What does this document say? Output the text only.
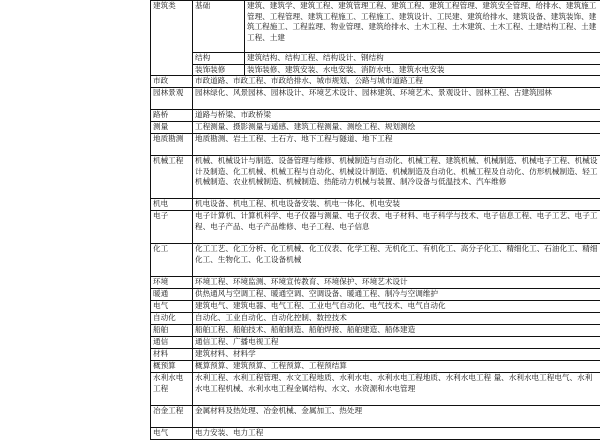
建筑类	基础	建筑、建筑学、建筑工程、建筑管理工程、建筑工程、建筑工程管理、建筑安全管理、给排水、建筑施工管理、工程管理、建筑工程施工、工程施工、建筑设计、工民建、建筑给排水、建筑设备、建筑装饰、建筑工程施工、工程监理、物业管理、建筑给排水、土木工程、土木建筑、土木工程、土建结构工程、土建工程、土建
	结构	建筑结构、结构工程、结构设计、钢结构
	装饰装修	装饰装修、建筑安装、水电安装、消防水电、建筑水电安装
市政	市政道路、市政工程、市政给排水、城市规划、公路与城市道路工程	
园林景观	园林绿化、风景园林、园林设计、环境艺术设计、园林建筑、环境艺术、景观设计、园林工程、古建筑园林	
路桥	道路与桥梁、市政桥梁	
测量	工程测量、摄影测量与遥感、建筑工程测量、测绘工程、规划测绘	
地质勘测	地质勘测、岩土工程、土石方、地下工程与隧道、地下工程	
机械工程	机械、机械设计与制造、设备管理与维修、机械制造与自动化、机械工程、建筑机械、机械制造、机械电子工程、机械设计及制造、化工机械、机械工程与自动化、机械设计制造、机械制造及自动化、机械工程及自动化、仿形机械制造、轻工机械制造、农业机械制造、机械制造、热能动力机械与装置、制冷设备与低温技术、汽车维修	
机电	机电设备、机电工程、机电设备安装、机电一体化、机电安装	
电子	电子计算机、计算机科学、电子仪器与测量、电子仪表、电子材料、电子科学与技术、电子信息工程、电子工艺、电子工程、电子产品、电子产品维修、电子工程、电子信息	
化工	化工工艺、化工分析、化工机械、化工仪表、化学工程、无机化工、有机化工、高分子化工、精细化工、石油化工、精细化工、生物化工、化工设备机械	
环境	环境工程、环境监测、环境宣传教育、环境保护、环境艺术设计	
暖通	供热通风与空调工程、暖通空调、空调设备、暖通工程、制冷与空调维护	
电气	建筑电气、建筑电器、电气工程、工业电气自动化、电气技术、电气自动化	
自动化	自动化、工业自动化、自动化控制、数控技术	
船舶	船舶工程、船舶技术、船舶制造、船舶焊接、船舶建造、船体建造	
通信	通信工程、广播电视工程	
材料	建筑材料、材料学	
概预算	概算预算、建筑预算、工程预算、工程预结算	
水利水电工程	水利工程、水利工程管理、水文工程地质、水利水电、水利水电工程地质、水利水电工程 量、水利水电工程电气、水利水电工程机械、水利水电工程金属结构、水文、水资源和水电管理	
冶金工程	金属材料及热处理、冶金机械、金属加工、热处理	
电气	电力安装、电力工程	
